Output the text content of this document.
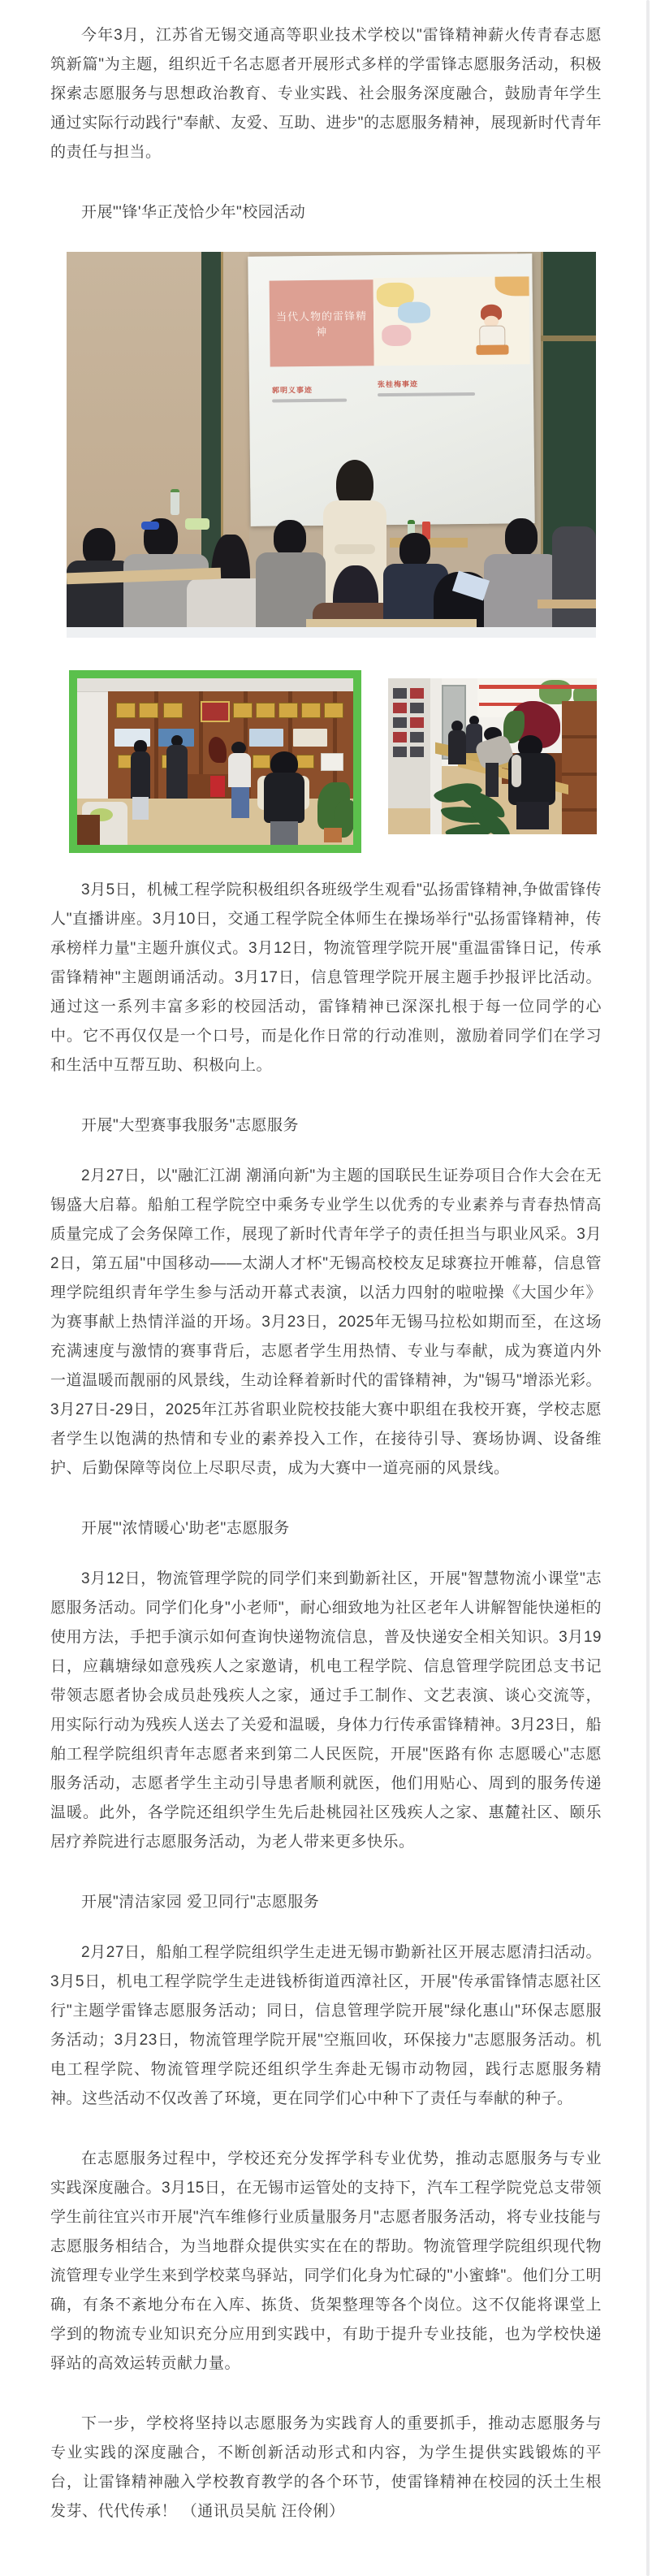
今年3月，江苏省无锡交通高等职业技术学校以"雷锋精神薪火传青春志愿筑新篇"为主题，组织近千名志愿者开展形式多样的学雷锋志愿服务活动，积极探索志愿服务与思想政治教育、专业实践、社会服务深度融合，鼓励青年学生通过实际行动践行"奉献、友爱、互助、进步"的志愿服务精神，展现新时代青年的责任与担当。

开展"'锋'华正茂恰少年"校园活动

当代人物的雷锋精神
郭明义事迹
张桂梅事迹

3月5日，机械工程学院积极组织各班级学生观看"弘扬雷锋精神,争做雷锋传人"直播讲座。3月10日，交通工程学院全体师生在操场举行"弘扬雷锋精神，传承榜样力量"主题升旗仪式。3月12日，物流管理学院开展"重温雷锋日记，传承雷锋精神"主题朗诵活动。3月17日，信息管理学院开展主题手抄报评比活动。通过这一系列丰富多彩的校园活动，雷锋精神已深深扎根于每一位同学的心中。它不再仅仅是一个口号，而是化作日常的行动准则，激励着同学们在学习和生活中互帮互助、积极向上。

开展"大型赛事我服务"志愿服务

2月27日，以"融汇江湖 潮涌向新"为主题的国联民生证券项目合作大会在无锡盛大启幕。船舶工程学院空中乘务专业学生以优秀的专业素养与青春热情高质量完成了会务保障工作，展现了新时代青年学子的责任担当与职业风采。3月2日，第五届"中国移动——太湖人才杯"无锡高校校友足球赛拉开帷幕，信息管理学院组织青年学生参与活动开幕式表演，以活力四射的啦啦操《大国少年》为赛事献上热情洋溢的开场。3月23日，2025年无锡马拉松如期而至，在这场充满速度与激情的赛事背后，志愿者学生用热情、专业与奉献，成为赛道内外一道温暖而靓丽的风景线，生动诠释着新时代的雷锋精神，为"锡马"增添光彩。3月27日-29日，2025年江苏省职业院校技能大赛中职组在我校开赛，学校志愿者学生以饱满的热情和专业的素养投入工作，在接待引导、赛场协调、设备维护、后勤保障等岗位上尽职尽责，成为大赛中一道亮丽的风景线。

开展"'浓情暖心'助老"志愿服务

3月12日，物流管理学院的同学们来到勤新社区，开展"智慧物流小课堂"志愿服务活动。同学们化身"小老师"，耐心细致地为社区老年人讲解智能快递柜的使用方法，手把手演示如何查询快递物流信息，普及快递安全相关知识。3月19日，应藕塘绿如意残疾人之家邀请，机电工程学院、信息管理学院团总支书记带领志愿者协会成员赴残疾人之家，通过手工制作、文艺表演、谈心交流等，用实际行动为残疾人送去了关爱和温暖，身体力行传承雷锋精神。3月23日，船舶工程学院组织青年志愿者来到第二人民医院，开展"医路有你 志愿暖心"志愿服务活动，志愿者学生主动引导患者顺利就医，他们用贴心、周到的服务传递温暖。此外，各学院还组织学生先后赴桃园社区残疾人之家、惠麓社区、颐乐居疗养院进行志愿服务活动，为老人带来更多快乐。

开展"清洁家园 爱卫同行"志愿服务

2月27日，船舶工程学院组织学生走进无锡市勤新社区开展志愿清扫活动。3月5日，机电工程学院学生走进钱桥街道西漳社区，开展"传承雷锋情志愿社区行"主题学雷锋志愿服务活动；同日，信息管理学院开展"绿化惠山"环保志愿服务活动；3月23日，物流管理学院开展"空瓶回收，环保接力"志愿服务活动。机电工程学院、物流管理学院还组织学生奔赴无锡市动物园，践行志愿服务精神。这些活动不仅改善了环境，更在同学们心中种下了责任与奉献的种子。

在志愿服务过程中，学校还充分发挥学科专业优势，推动志愿服务与专业实践深度融合。3月15日，在无锡市运管处的支持下，汽车工程学院党总支带领学生前往宜兴市开展"汽车维修行业质量服务月"志愿者服务活动，将专业技能与志愿服务相结合，为当地群众提供实实在在的帮助。物流管理学院组织现代物流管理专业学生来到学校菜鸟驿站，同学们化身为忙碌的"小蜜蜂"。他们分工明确，有条不紊地分布在入库、拣货、货架整理等各个岗位。这不仅能将课堂上学到的物流专业知识充分应用到实践中，有助于提升专业技能，也为学校快递驿站的高效运转贡献力量。

下一步，学校将坚持以志愿服务为实践育人的重要抓手，推动志愿服务与专业实践的深度融合，不断创新活动形式和内容，为学生提供实践锻炼的平台，让雷锋精神融入学校教育教学的各个环节，使雷锋精神在校园的沃土生根发芽、代代传承！ （通讯员吴航 汪伶俐）
